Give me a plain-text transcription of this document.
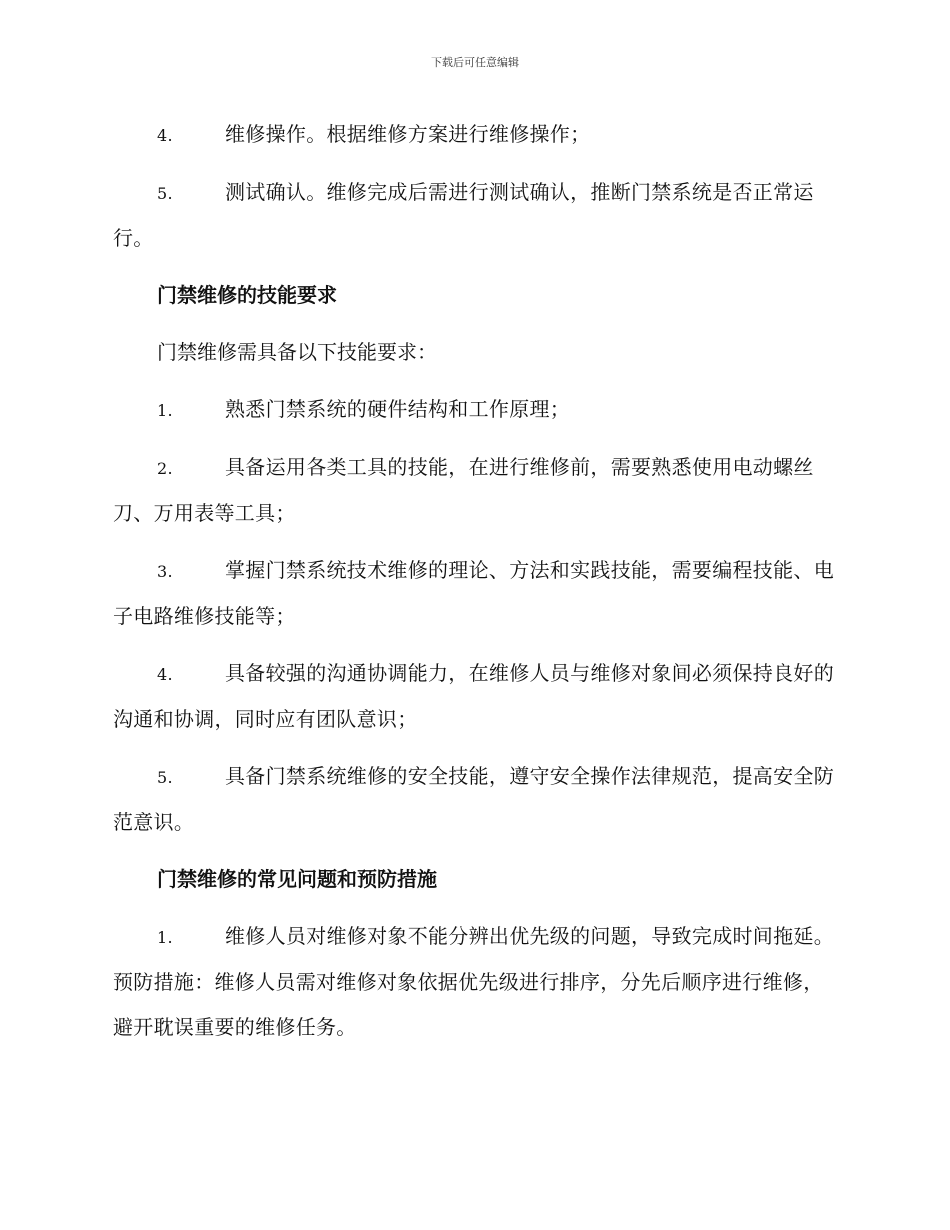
下载后可任意编辑

4.	维修操作。根据维修方案进行维修操作；

5.	测试确认。维修完成后需进行测试确认，推断门禁系统是否正常运行。

门禁维修的技能要求

门禁维修需具备以下技能要求：

1.	熟悉门禁系统的硬件结构和工作原理；

2.	具备运用各类工具的技能，在进行维修前，需要熟悉使用电动螺丝刀、万用表等工具；

3.	掌握门禁系统技术维修的理论、方法和实践技能，需要编程技能、电子电路维修技能等；

4.	具备较强的沟通协调能力，在维修人员与维修对象间必须保持良好的沟通和协调，同时应有团队意识；

5.	具备门禁系统维修的安全技能，遵守安全操作法律规范，提高安全防范意识。

门禁维修的常见问题和预防措施

1.	维修人员对维修对象不能分辨出优先级的问题，导致完成时间拖延。预防措施：维修人员需对维修对象依据优先级进行排序，分先后顺序进行维修，避开耽误重要的维修任务。
